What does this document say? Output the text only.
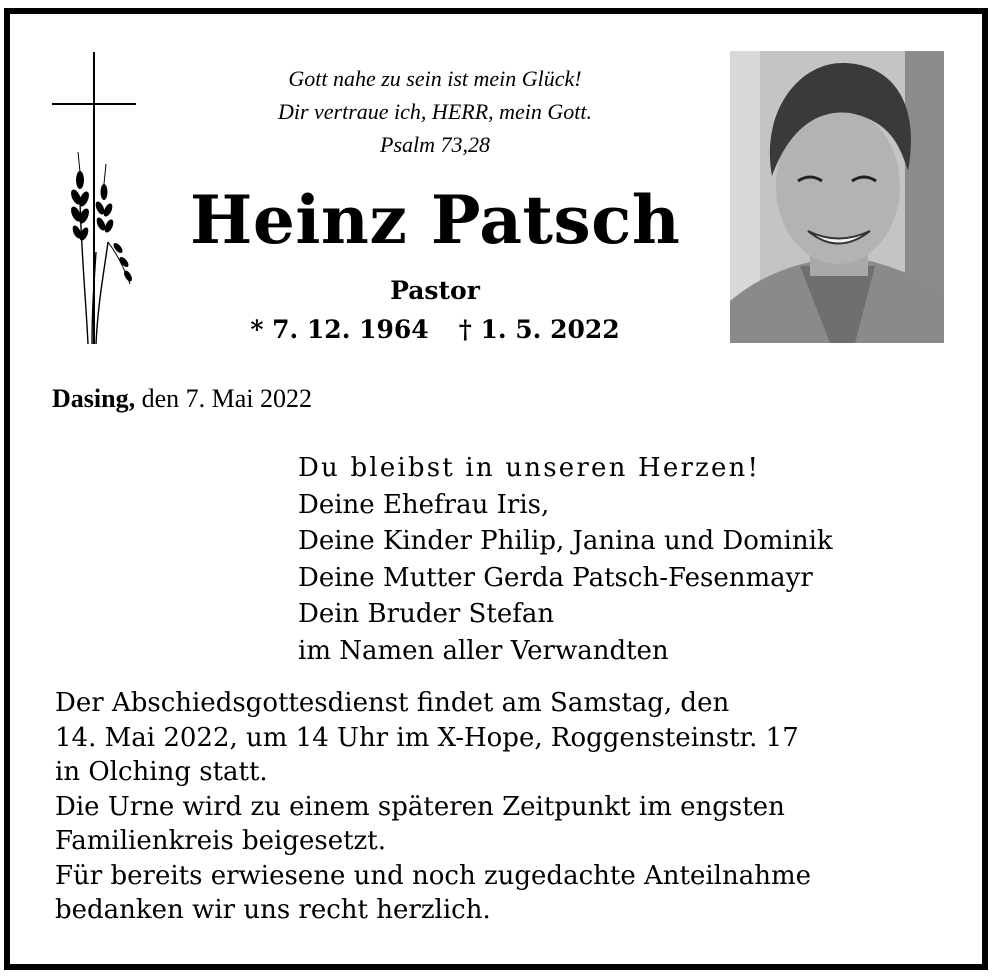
Gott nahe zu sein ist mein Glück!
Dir vertraue ich, HERR, mein Gott.
Psalm 73,28
Heinz Patsch
Pastor
* 7. 12. 1964 † 1. 5. 2022
Dasing, den 7. Mai 2022
Du bleibst in unseren Herzen!
Deine Ehefrau Iris,
Deine Kinder Philip, Janina und Dominik
Deine Mutter Gerda Patsch-Fesenmayr
Dein Bruder Stefan
im Namen aller Verwandten
Der Abschiedsgottesdienst findet am Samstag, den
14. Mai 2022, um 14 Uhr im X-Hope, Roggensteinstr. 17
in Olching statt.
Die Urne wird zu einem späteren Zeitpunkt im engsten
Familienkreis beigesetzt.
Für bereits erwiesene und noch zugedachte Anteilnahme
bedanken wir uns recht herzlich.
